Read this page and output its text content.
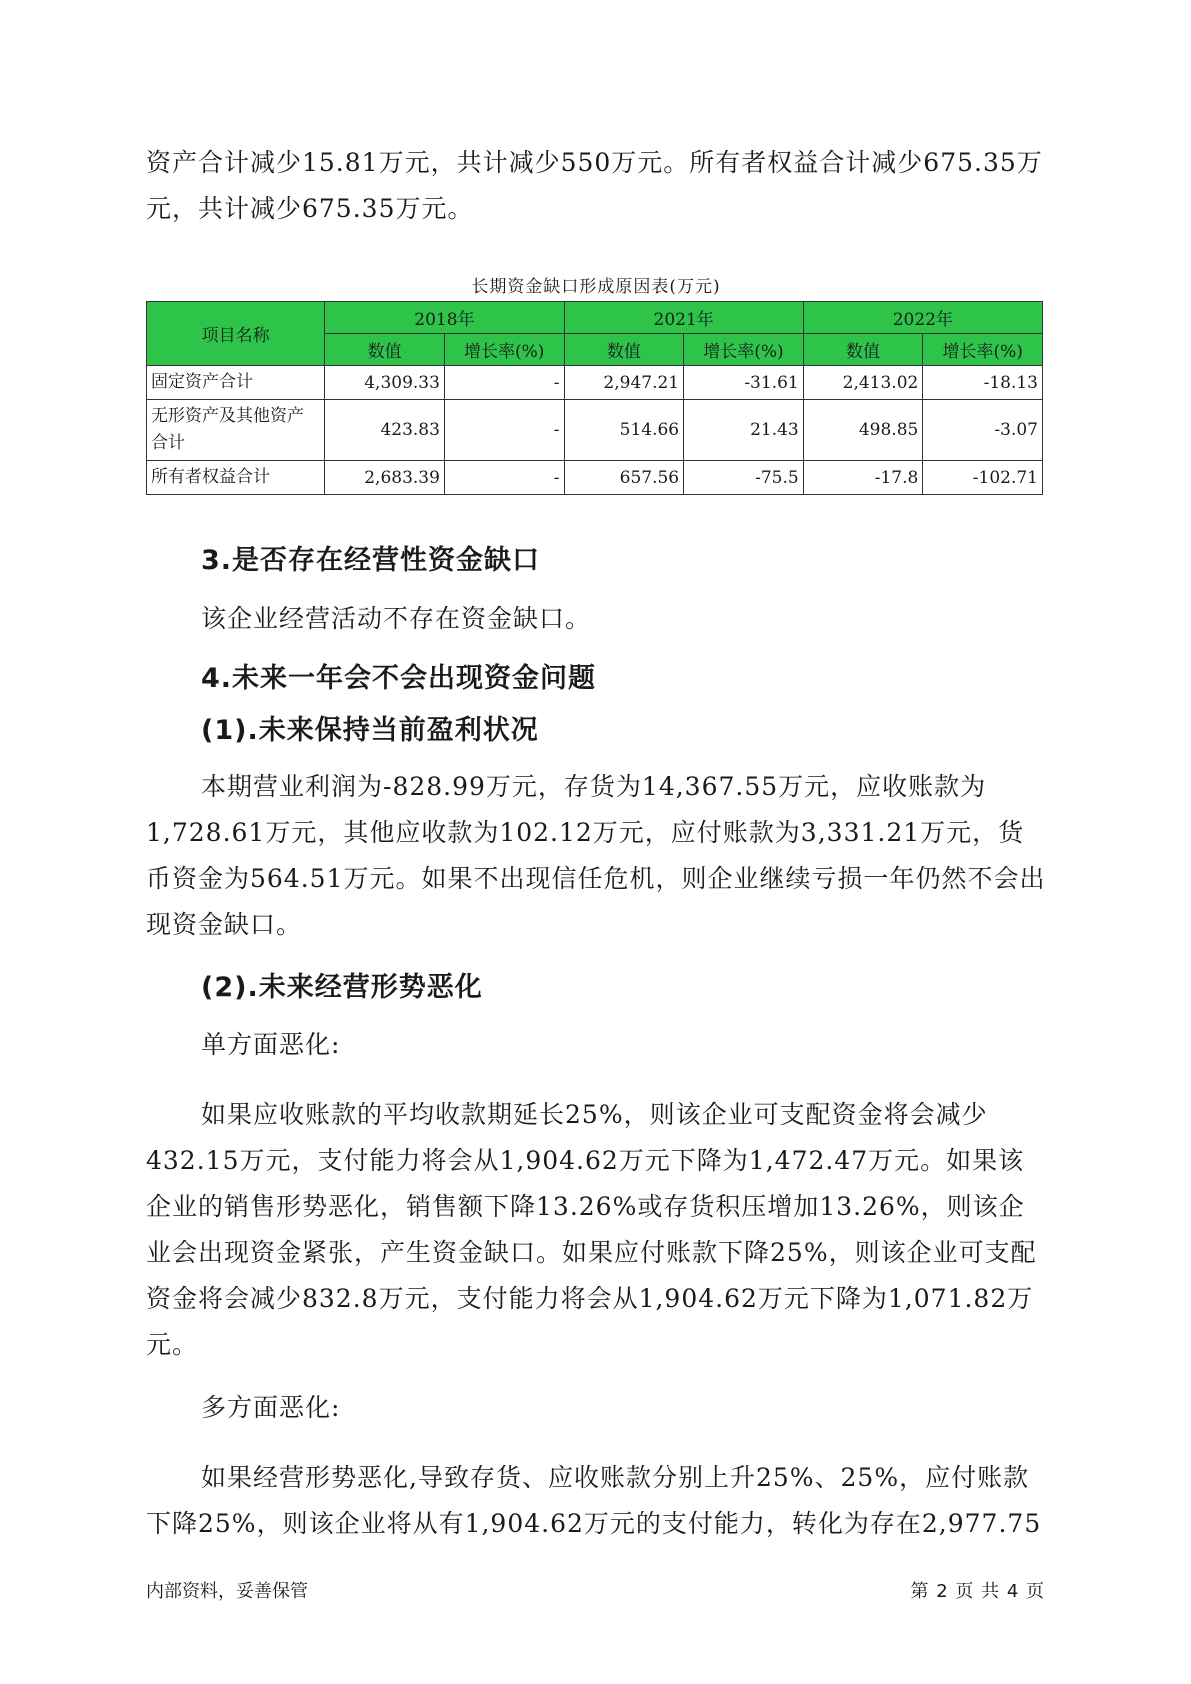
资产合计减少15.81万元，共计减少550万元。所有者权益合计减少675.35万元，共计减少675.35万元。

长期资金缺口形成原因表(万元)
项目名称	2018年		2021年		2022年	
	数值	增长率(%)	数值	增长率(%)	数值	增长率(%)
固定资产合计	4,309.33	-	2,947.21	-31.61	2,413.02	-18.13
无形资产及其他资产合计	423.83	-	514.66	21.43	498.85	-3.07
所有者权益合计	2,683.39	-	657.56	-75.5	-17.8	-102.71
3.是否存在经营性资金缺口

该企业经营活动不存在资金缺口。

4.未来一年会不会出现资金问题
(1).未来保持当前盈利状况

本期营业利润为-828.99万元，存货为14,367.55万元，应收账款为1,728.61万元，其他应收款为102.12万元，应付账款为3,331.21万元，货币资金为564.51万元。如果不出现信任危机，则企业继续亏损一年仍然不会出现资金缺口。

(2).未来经营形势恶化

单方面恶化:

如果应收账款的平均收款期延长25%，则该企业可支配资金将会减少432.15万元，支付能力将会从1,904.62万元下降为1,472.47万元。如果该企业的销售形势恶化，销售额下降13.26%或存货积压增加13.26%，则该企业会出现资金紧张，产生资金缺口。如果应付账款下降25%，则该企业可支配资金将会减少832.8万元，支付能力将会从1,904.62万元下降为1,071.82万元。

多方面恶化:

如果经营形势恶化,导致存货、应收账款分别上升25%、25%，应付账款下降25%，则该企业将从有1,904.62万元的支付能力，转化为存在2,977.75

内部资料，妥善保管	第 2 页 共 4 页
